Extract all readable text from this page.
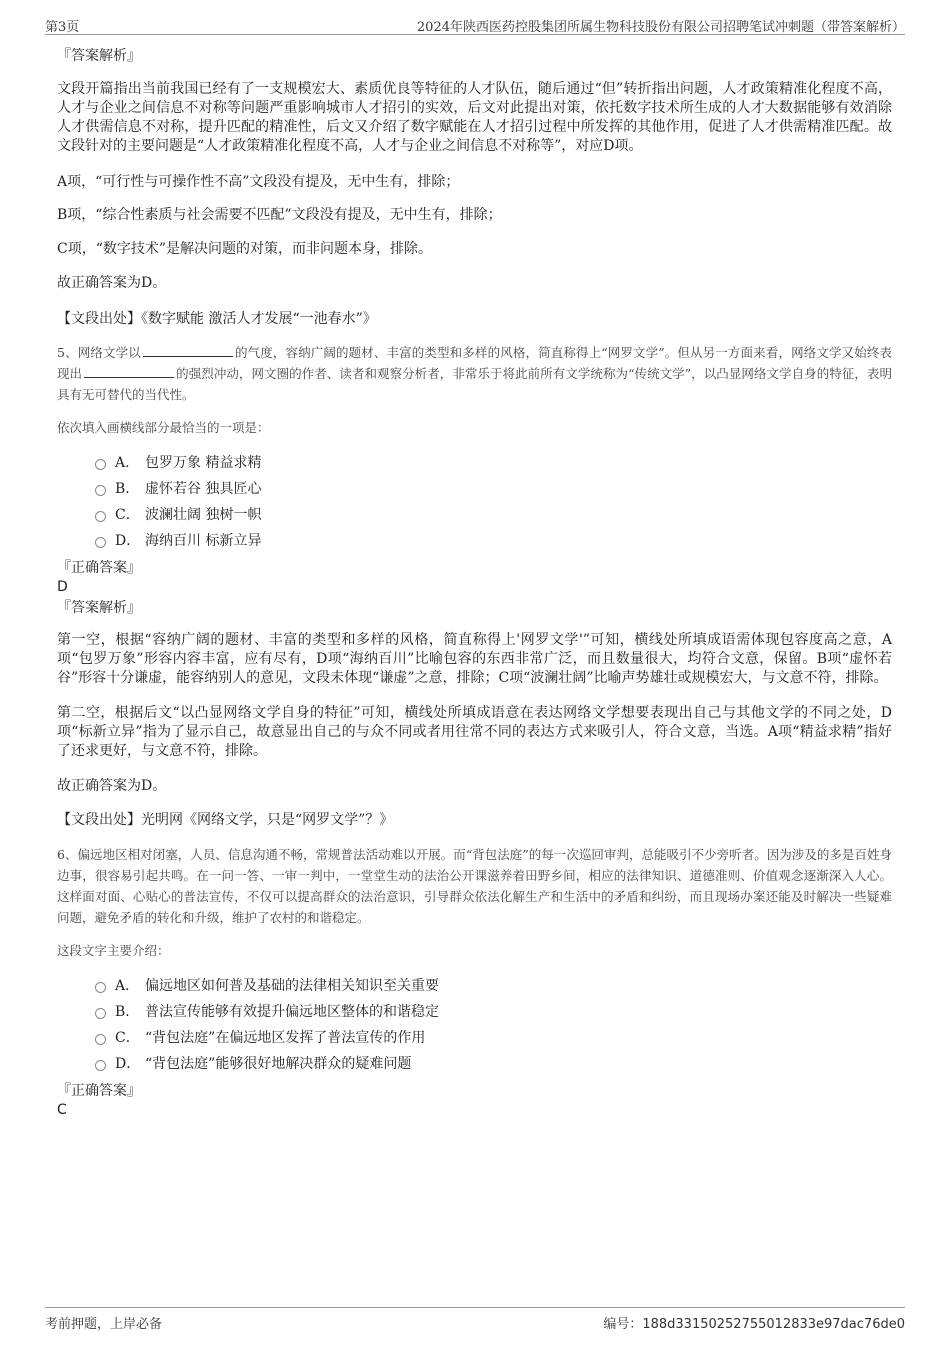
第3页	2024年陕西医药控股集团所属生物科技股份有限公司招聘笔试冲刺题（带答案解析）
『答案解析』

文段开篇指出当前我国已经有了一支规模宏大、素质优良等特征的人才队伍，随后通过“但”转折指出问题，人才政策精准化程度不高，人才与企业之间信息不对称等问题严重影响城市人才招引的实效，后文对此提出对策，依托数字技术所生成的人才大数据能够有效消除人才供需信息不对称，提升匹配的精准性，后文又介绍了数字赋能在人才招引过程中所发挥的其他作用，促进了人才供需精准匹配。故文段针对的主要问题是“人才政策精准化程度不高，人才与企业之间信息不对称等”，对应D项。

A项，“可行性与可操作性不高”文段没有提及，无中生有，排除；

B项，“综合性素质与社会需要不匹配”文段没有提及，无中生有，排除；

C项，“数字技术”是解决问题的对策，而非问题本身，排除。

故正确答案为D。

【文段出处】《数字赋能 激活人才发展“一池春水”》

5、网络文学以	的气度，容纳广阔的题材、丰富的类型和多样的风格，简直称得上“网罗文学”。但从另一方面来看，网络文学又始终表现出	的强烈冲动，网文圈的作者、读者和观察分析者，非常乐于将此前所有文学统称为“传统文学”，以凸显网络文学自身的特征，表明具有无可替代的当代性。

依次填入画横线部分最恰当的一项是：

A． 包罗万象 精益求精
B． 虚怀若谷 独具匠心
C． 波澜壮阔 独树一帜
D． 海纳百川 标新立异
『正确答案』
D
『答案解析』

第一空，根据“容纳广阔的题材、丰富的类型和多样的风格，简直称得上'网罗文学'”可知，横线处所填成语需体现包容度高之意，A项“包罗万象”形容内容丰富，应有尽有，D项“海纳百川”比喻包容的东西非常广泛，而且数量很大，均符合文意，保留。B项“虚怀若谷”形容十分谦虚，能容纳别人的意见，文段未体现“谦虚”之意，排除；C项“波澜壮阔”比喻声势雄壮或规模宏大，与文意不符，排除。

第二空，根据后文“以凸显网络文学自身的特征”可知，横线处所填成语意在表达网络文学想要表现出自己与其他文学的不同之处，D项“标新立异”指为了显示自己，故意显出自己的与众不同或者用往常不同的表达方式来吸引人，符合文意，当选。A项“精益求精”指好了还求更好，与文意不符，排除。

故正确答案为D。

【文段出处】光明网《网络文学，只是“网罗文学”？》

6、偏远地区相对闭塞，人员、信息沟通不畅，常规普法活动难以开展。而“背包法庭”的每一次巡回审判，总能吸引不少旁听者。因为涉及的多是百姓身边事，很容易引起共鸣。在一问一答、一审一判中，一堂堂生动的法治公开课滋养着田野乡间，相应的法律知识、道德准则、价值观念逐渐深入人心。这样面对面、心贴心的普法宣传，不仅可以提高群众的法治意识，引导群众依法化解生产和生活中的矛盾和纠纷，而且现场办案还能及时解决一些疑难问题，避免矛盾的转化和升级，维护了农村的和谐稳定。

这段文字主要介绍：

A． 偏远地区如何普及基础的法律相关知识至关重要
B． 普法宣传能够有效提升偏远地区整体的和谐稳定
C． “背包法庭”在偏远地区发挥了普法宣传的作用
D． “背包法庭”能够很好地解决群众的疑难问题
『正确答案』
C
考前押题，上岸必备	编号：188d33150252755012833e97dac76de0
